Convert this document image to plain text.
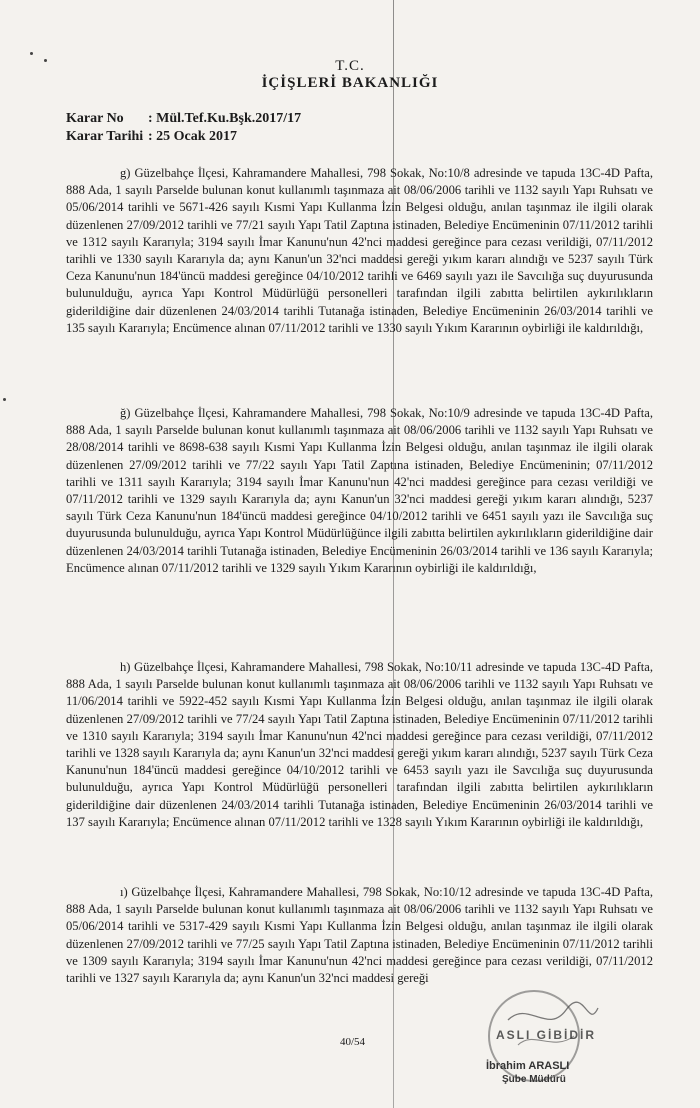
T.C.
İÇİŞLERİ BAKANLIĞI
Karar No : Mül.Tef.Ku.Bşk.2017/17
Karar Tarihi : 25 Ocak 2017

g) Güzelbahçe İlçesi, Kahramandere Mahallesi, 798 Sokak, No:10/8 adresinde ve tapuda 13C-4D Pafta, 888 Ada, 1 sayılı Parselde bulunan konut kullanımlı taşınmaza ait 08/06/2006 tarihli ve 1132 sayılı Yapı Ruhsatı ve 05/06/2014 tarihli ve 5671-426 sayılı Kısmi Yapı Kullanma İzin Belgesi olduğu, anılan taşınmaz ile ilgili olarak düzenlenen 27/09/2012 tarihli ve 77/21 sayılı Yapı Tatil Zaptına istinaden, Belediye Encümeninin 07/11/2012 tarihli ve 1312 sayılı Kararıyla; 3194 sayılı İmar Kanunu'nun 42'nci maddesi gereğince para cezası verildiği, 07/11/2012 tarihli ve 1330 sayılı Kararıyla da; aynı Kanun'un 32'nci maddesi gereği yıkım kararı alındığı ve 5237 sayılı Türk Ceza Kanunu'nun 184'üncü maddesi gereğince 04/10/2012 tarihli ve 6469 sayılı yazı ile Savcılığa suç duyurusunda bulunulduğu, ayrıca Yapı Kontrol Müdürlüğü personelleri tarafından ilgili zabıtta belirtilen aykırılıkların giderildiğine dair düzenlenen 24/03/2014 tarihli Tutanağa istinaden, Belediye Encümeninin 26/03/2014 tarihli ve 135 sayılı Kararıyla; Encümence alınan 07/11/2012 tarihli ve 1330 sayılı Yıkım Kararının oybirliği ile kaldırıldığı,

ğ) Güzelbahçe İlçesi, Kahramandere Mahallesi, 798 Sokak, No:10/9 adresinde ve tapuda 13C-4D Pafta, 888 Ada, 1 sayılı Parselde bulunan konut kullanımlı taşınmaza ait 08/06/2006 tarihli ve 1132 sayılı Yapı Ruhsatı ve 28/08/2014 tarihli ve 8698-638 sayılı Kısmi Yapı Kullanma İzin Belgesi olduğu, anılan taşınmaz ile ilgili olarak düzenlenen 27/09/2012 tarihli ve 77/22 sayılı Yapı Tatil Zaptına istinaden, Belediye Encümeninin; 07/11/2012 tarihli ve 1311 sayılı Kararıyla; 3194 sayılı İmar Kanunu'nun 42'nci maddesi gereğince para cezası verildiği ve 07/11/2012 tarihli ve 1329 sayılı Kararıyla da; aynı Kanun'un 32'nci maddesi gereği yıkım kararı alındığı, 5237 sayılı Türk Ceza Kanunu'nun 184'üncü maddesi gereğince 04/10/2012 tarihli ve 6451 sayılı yazı ile Savcılığa suç duyurusunda bulunulduğu, ayrıca Yapı Kontrol Müdürlüğünce ilgili zabıtta belirtilen aykırılıkların giderildiğine dair düzenlenen 24/03/2014 tarihli Tutanağa istinaden, Belediye Encümeninin 26/03/2014 tarihli ve 136 sayılı Kararıyla; Encümence alınan 07/11/2012 tarihli ve 1329 sayılı Yıkım Kararının oybirliği ile kaldırıldığı,

h) Güzelbahçe İlçesi, Kahramandere Mahallesi, 798 Sokak, No:10/11 adresinde ve tapuda 13C-4D Pafta, 888 Ada, 1 sayılı Parselde bulunan konut kullanımlı taşınmaza ait 08/06/2006 tarihli ve 1132 sayılı Yapı Ruhsatı ve 11/06/2014 tarihli ve 5922-452 sayılı Kısmi Yapı Kullanma İzin Belgesi olduğu, anılan taşınmaz ile ilgili olarak düzenlenen 27/09/2012 tarihli ve 77/24 sayılı Yapı Tatil Zaptına istinaden, Belediye Encümeninin 07/11/2012 tarihli ve 1310 sayılı Kararıyla; 3194 sayılı İmar Kanunu'nun 42'nci maddesi gereğince para cezası verildiği, 07/11/2012 tarihli ve 1328 sayılı Kararıyla da; aynı Kanun'un 32'nci maddesi gereği yıkım kararı alındığı, 5237 sayılı Türk Ceza Kanunu'nun 184'üncü maddesi gereğince 04/10/2012 tarihli ve 6453 sayılı yazı ile Savcılığa suç duyurusunda bulunulduğu, ayrıca Yapı Kontrol Müdürlüğü personelleri tarafından ilgili zabıtta belirtilen aykırılıkların giderildiğine dair düzenlenen 24/03/2014 tarihli Tutanağa istinaden, Belediye Encümeninin 26/03/2014 tarihli ve 137 sayılı Kararıyla; Encümence alınan 07/11/2012 tarihli ve 1328 sayılı Yıkım Kararının oybirliği ile kaldırıldığı,

ı) Güzelbahçe İlçesi, Kahramandere Mahallesi, 798 Sokak, No:10/12 adresinde ve tapuda 13C-4D Pafta, 888 Ada, 1 sayılı Parselde bulunan konut kullanımlı taşınmaza ait 08/06/2006 tarihli ve 1132 sayılı Yapı Ruhsatı ve 05/06/2014 tarihli ve 5317-429 sayılı Kısmi Yapı Kullanma İzin Belgesi olduğu, anılan taşınmaz ile ilgili olarak düzenlenen 27/09/2012 tarihli ve 77/25 sayılı Yapı Tatil Zaptına istinaden, Belediye Encümeninin 07/11/2012 tarihli ve 1309 sayılı Kararıyla; 3194 sayılı İmar Kanunu'nun 42'nci maddesi gereğince para cezası verildiği, 07/11/2012 tarihli ve 1327 sayılı Kararıyla da; aynı Kanun'un 32'nci maddesi gereği

40/54	ASLI GİBİDİR
İbrahim ARASLI
Şube Müdürü
